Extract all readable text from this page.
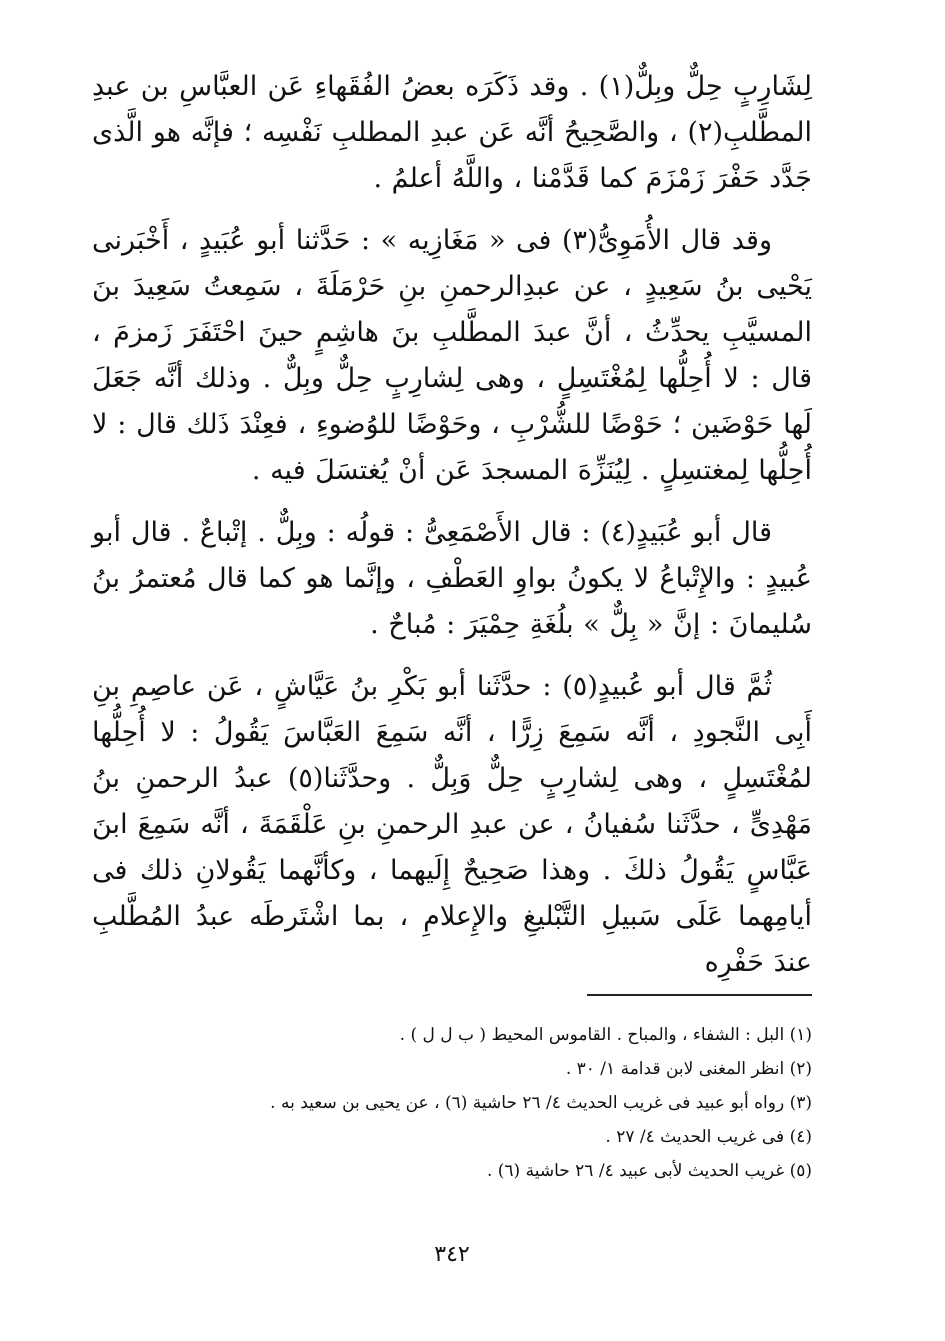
لِشَارِبٍ حِلٌّ وبِلٌّ(١) . وقد ذَكَرَه بعضُ الفُقَهاءِ عَن العبَّاسِ بن عبدِ المطَّلبِ(٢) ، والصَّحِيحُ أنَّه عَن عبدِ المطلبِ نَفْسِه ؛ فإنَّه هو الَّذى جَدَّد حَفْرَ زَمْزَمَ كما قَدَّمْنا ، واللَّهُ أعلمُ .

وقد قال الأُمَوِىُّ(٣) فى « مَغَازِيه » : حَدَّثنا أبو عُبَيدٍ ، أَخْبَرنى يَحْيى بنُ سَعِيدٍ ، عن عبدِالرحمنِ بنِ حَرْمَلَةَ ، سَمِعتُ سَعِيدَ بنَ المسيَّبِ يحدِّثُ ، أنَّ عبدَ المطَّلبِ بنَ هاشِمٍ حينَ احْتَفَرَ زَمزمَ ، قال : لا أُحِلُّها لِمُغْتَسِلٍ ، وهى لِشارِبٍ حِلٌّ وبِلٌّ . وذلك أنَّه جَعَلَ لَها حَوْضَين ؛ حَوْضًا للشُّرْبِ ، وحَوْضًا للوُضوءِ ، فعِنْدَ ذَلك قال : لا أُحِلُّها لِمغتسِلٍ . لِيُنَزِّهَ المسجدَ عَن أنْ يُغتسَلَ فيه .

قال أبو عُبَيدٍ(٤) : قال الأَصْمَعِىُّ : قولُه : وبِلٌّ . إتْباعٌ . قال أبو عُبيدٍ : والإِتْباعُ لا يكونُ بواوِ العَطْفِ ، وإنَّما هو كما قال مُعتمرُ بنُ سُليمانَ : إنَّ « بِلٌّ » بلُغَةِ حِمْيَرَ : مُباحٌ .

ثُمَّ قال أبو عُبيدٍ(٥) : حدَّثَنا أبو بَكْرِ بنُ عَيَّاشٍ ، عَن عاصِمِ بنِ أَبِى النَّجودِ ، أنَّه سَمِعَ زِرًّا ، أنَّه سَمِعَ العَبَّاسَ يَقُولُ : لا أُحِلُّها لمُغْتَسِلٍ ، وهى لِشارِبٍ حِلٌّ وَبِلٌّ . وحدَّثَنا(٥) عبدُ الرحمنِ بنُ مَهْدِىٍّ ، حدَّثَنا سُفيانُ ، عن عبدِ الرحمنِ بنِ عَلْقَمَةَ ، أنَّه سَمِعَ ابنَ عَبَّاسٍ يَقُولُ ذلكَ . وهذا صَحِيحٌ إِلَيهما ، وكأنَّهما يَقُولانِ ذلك فى أيامِهما عَلَى سَبيلِ التَّبْليغِ والإِعلامِ ، بما اشْتَرطَه عبدُ المُطَّلبِ عندَ حَفْرِه

(١) البل : الشفاء ، والمباح . القاموس المحيط ( ب ل ل ) .
(٢) انظر المغنى لابن قدامة ١/ ٣٠ .
(٣) رواه أبو عبيد فى غريب الحديث ٤/ ٢٦ حاشية (٦) ، عن يحيى بن سعيد به .
(٤) فى غريب الحديث ٤/ ٢٧ .
(٥) غريب الحديث لأبى عبيد ٤/ ٢٦ حاشية (٦) .
٣٤٢
